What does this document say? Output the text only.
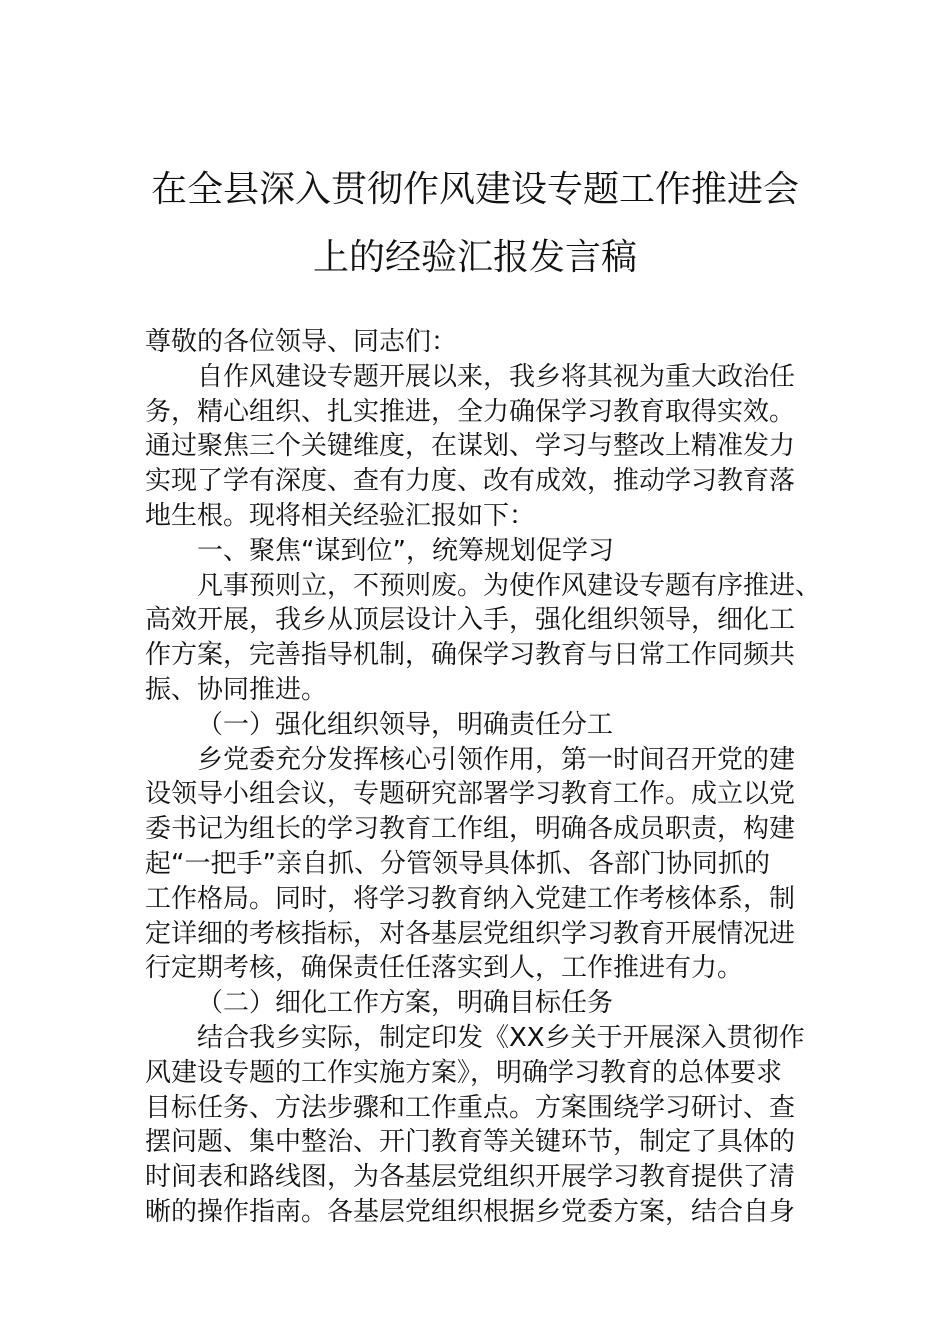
在全县深入贯彻作风建设专题工作推进会
上的经验汇报发言稿
尊敬的各位领导、同志们：
自作风建设专题开展以来，我乡将其视为重大政治任
务，精心组织、扎实推进，全力确保学习教育取得实效。
通过聚焦三个关键维度，在谋划、学习与整改上精准发力
实现了学有深度、查有力度、改有成效，推动学习教育落
地生根。现将相关经验汇报如下：
一、聚焦“谋到位”，统筹规划促学习
凡事预则立，不预则废。为使作风建设专题有序推进、
高效开展，我乡从顶层设计入手，强化组织领导，细化工
作方案，完善指导机制，确保学习教育与日常工作同频共
振、协同推进。
（一）强化组织领导，明确责任分工
乡党委充分发挥核心引领作用，第一时间召开党的建
设领导小组会议，专题研究部署学习教育工作。成立以党
委书记为组长的学习教育工作组，明确各成员职责，构建
起“一把手”亲自抓、分管领导具体抓、各部门协同抓的
工作格局。同时，将学习教育纳入党建工作考核体系，制
定详细的考核指标，对各基层党组织学习教育开展情况进
行定期考核，确保责任任落实到人，工作推进有力。
（二）细化工作方案，明确目标任务
结合我乡实际，制定印发《XX乡关于开展深入贯彻作
风建设专题的工作实施方案》，明确学习教育的总体要求
目标任务、方法步骤和工作重点。方案围绕学习研讨、查
摆问题、集中整治、开门教育等关键环节，制定了具体的
时间表和路线图，为各基层党组织开展学习教育提供了清
晰的操作指南。各基层党组织根据乡党委方案，结合自身
